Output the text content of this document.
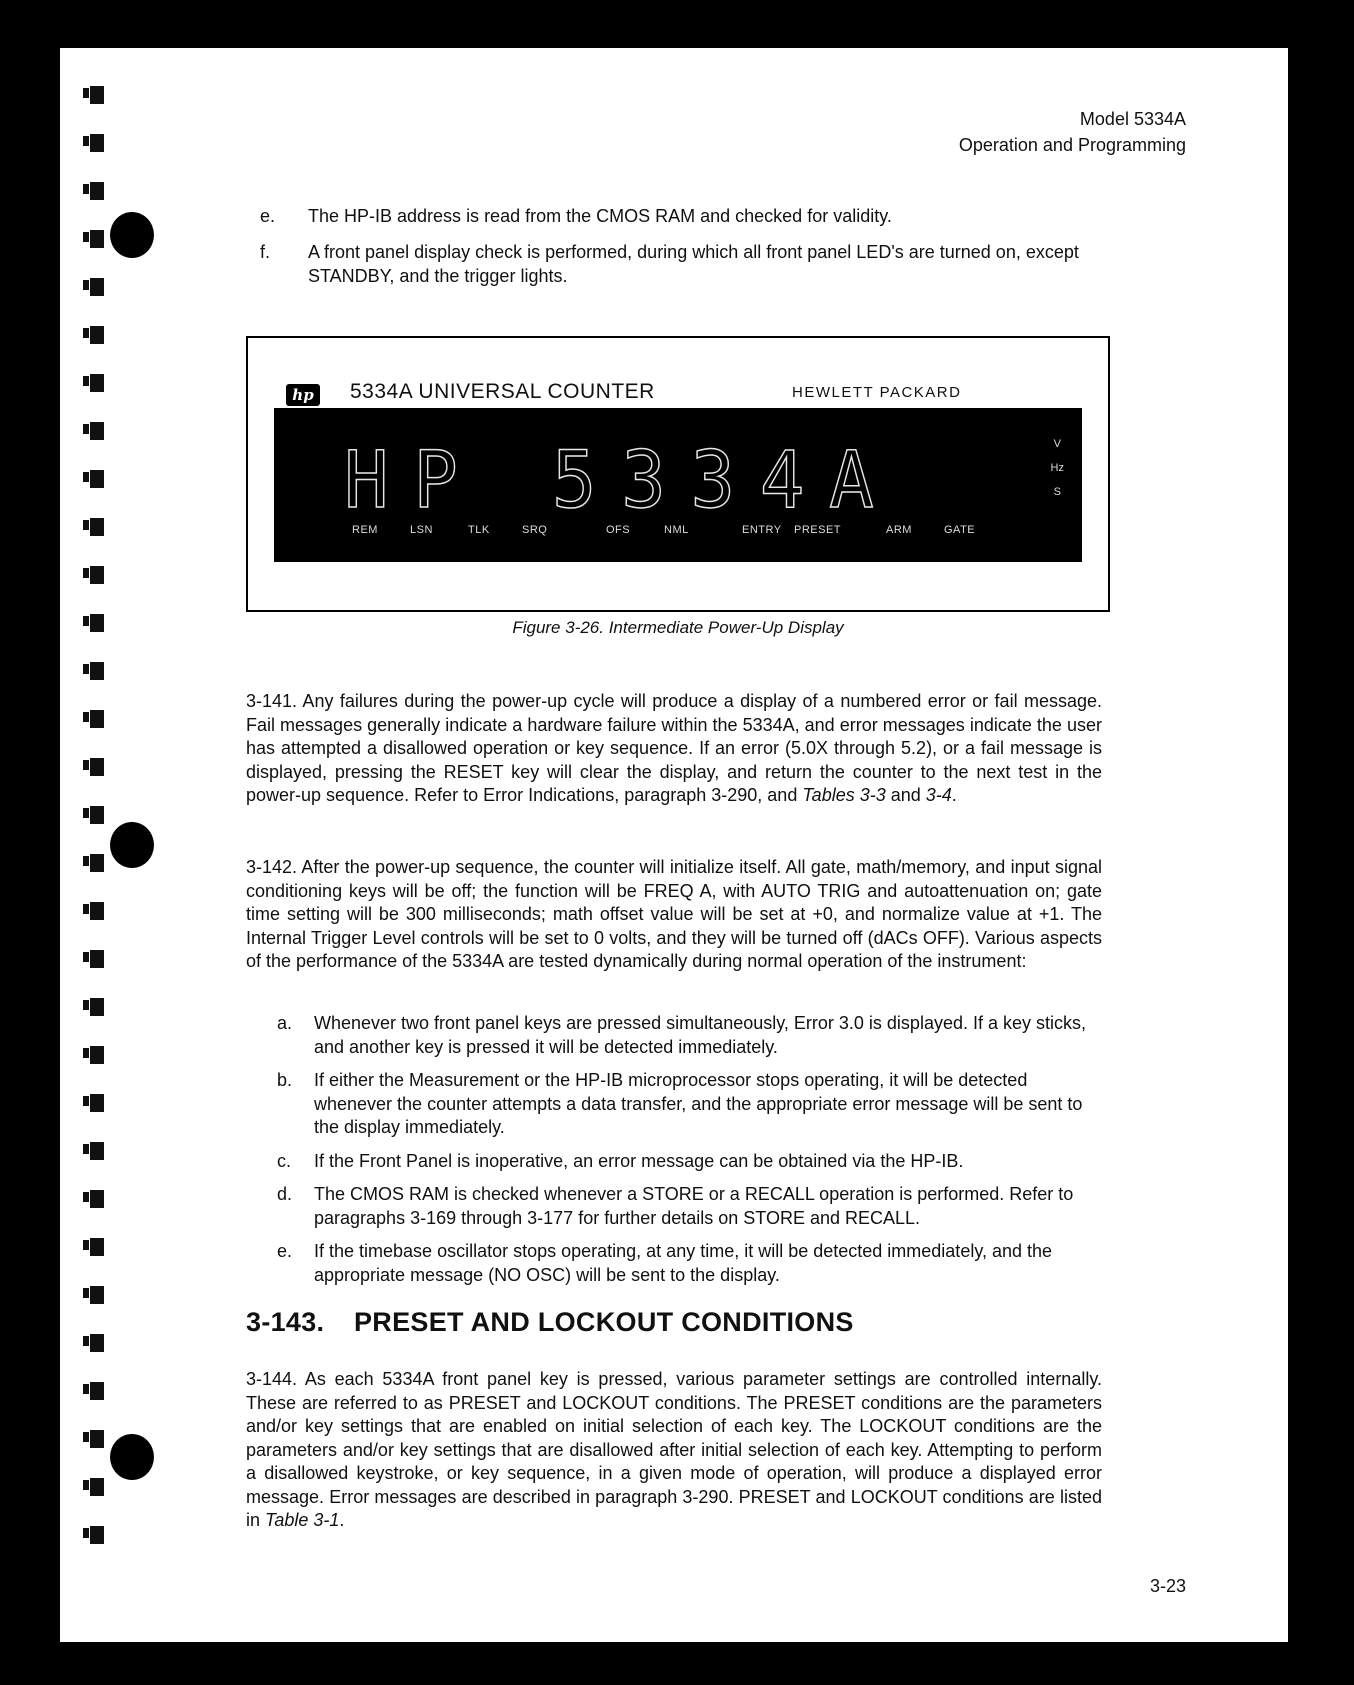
Model 5334A
Operation and Programming
e. The HP-IB address is read from the CMOS RAM and checked for validity.
f. A front panel display check is performed, during which all front panel LED's are turned on, except STANDBY, and the trigger lights.
hp 5334A UNIVERSAL COUNTER	HEWLETT PACKARD
HP 5334A	V
Hz
S
REM	LSN	TLK	SRQ	OFS	NML	ENTRY PRESET	ARM	GATE
Figure 3-26. Intermediate Power-Up Display
3-141. Any failures during the power-up cycle will produce a display of a numbered error or fail message. Fail messages generally indicate a hardware failure within the 5334A, and error messages indicate the user has attempted a disallowed operation or key sequence. If an error (5.0X through 5.2), or a fail message is displayed, pressing the RESET key will clear the display, and return the counter to the next test in the power-up sequence. Refer to Error Indications, paragraph 3-290, and Tables 3-3 and 3-4.
3-142. After the power-up sequence, the counter will initialize itself. All gate, math/memory, and input signal conditioning keys will be off; the function will be FREQ A, with AUTO TRIG and autoattenuation on; gate time setting will be 300 milliseconds; math offset value will be set at +0, and normalize value at +1. The Internal Trigger Level controls will be set to 0 volts, and they will be turned off (dACs OFF). Various aspects of the performance of the 5334A are tested dynamically during normal operation of the instrument:
a. Whenever two front panel keys are pressed simultaneously, Error 3.0 is displayed. If a key sticks, and another key is pressed it will be detected immediately.
b. If either the Measurement or the HP-IB microprocessor stops operating, it will be detected whenever the counter attempts a data transfer, and the appropriate error message will be sent to the display immediately.
c. If the Front Panel is inoperative, an error message can be obtained via the HP-IB.
d. The CMOS RAM is checked whenever a STORE or a RECALL operation is performed. Refer to paragraphs 3-169 through 3-177 for further details on STORE and RECALL.
e. If the timebase oscillator stops operating, at any time, it will be detected immediately, and the appropriate message (NO OSC) will be sent to the display.
3-143. PRESET AND LOCKOUT CONDITIONS
3-144. As each 5334A front panel key is pressed, various parameter settings are controlled internally. These are referred to as PRESET and LOCKOUT conditions. The PRESET conditions are the parameters and/or key settings that are enabled on initial selection of each key. The LOCKOUT conditions are the parameters and/or key settings that are disallowed after initial selection of each key. Attempting to perform a disallowed keystroke, or key sequence, in a given mode of operation, will produce a displayed error message. Error messages are described in paragraph 3-290. PRESET and LOCKOUT conditions are listed in Table 3-1.
3-23
